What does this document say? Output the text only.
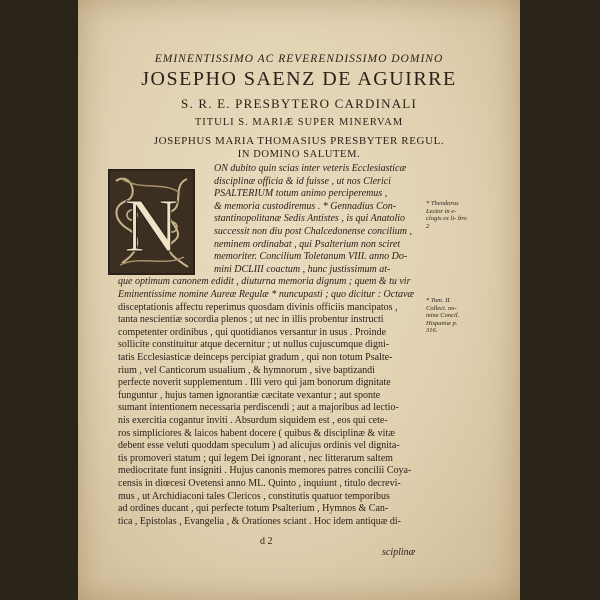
EMINENTISSIMO AC REVERENDISSIMO DOMINO
JOSEPHO SAENZ DE AGUIRRE
S. R. E. PRESBYTERO CARDINALI
TITULI S. MARIÆ SUPER MINERVAM
JOSEPHUS MARIA THOMASIUS PRESBYTER REGUL.
IN DOMINO SALUTEM.
N
ON dubito quin scias inter veteris Ecclesiasticæ
disciplinæ officia & id fuisse , ut nos Clerici
PSALTERIUM totum animo perciperemus ,
& memoria custodiremus . * Gennadius Con-
stantinopolitanæ Sedis Antistes , is qui Anatolio
successit non diu post Chalcedonense concilium ,
neminem ordinabat , qui Psalterium non sciret
memoriter. Concilium Toletanum VIII. anno Do-
mini DCLIII coactum , hunc justissimum at-
que optimum canonem edidit , diuturna memoria dignum ; quem & tu vir
Eminentissime nomine Aureæ Regulæ * nuncupasti ; quo dicitur : Octavæ
disceptationis affectu reperimus quosdam divinis officiis mancipatos ,
tanta nescientiæ socordia plenos ; ut nec in illis probentur instructi
competenter ordinibus , qui quotidianos versantur in usus . Proinde
sollicite constituitur atque decernitur ; ut nullus cujuscumque digni-
tatis Ecclesiasticæ deinceps percipiat gradum , qui non totum Psalte-
rium , vel Canticorum usualium , & hymnorum , sive baptizandi
perfecte noverit supplementum . Illi vero qui jam bonorum dignitate
funguntur , hujus tamen ignorantiæ cæcitate vexantur ; aut sponte
sumant intentionem necessaria perdiscendi ; aut a majoribus ad lectio-
nis exercitia cogantur inviti . Absurdum siquidem est , eos qui cete-
ros simpliciores & laicos habent docere ( quibus & disciplinæ & vitæ
debent esse veluti quoddam speculum ) ad alicujus ordinis vel dignita-
tis promoveri statum ; qui legem Dei ignorant , nec litterarum saltem
mediocritate funt insigniti . Hujus canonis memores patres concilii Coya-
censis in diœcesi Ovetensi anno ML. Quinto , inquiunt , titulo decrevi-
mus , ut Archidiaconi tales Clericos , constitutis quatuor temporibus
ad ordines ducant , qui perfecte totum Psalterium , Hymnos & Can-
tica , Epistolas , Evangelia , & Orationes sciant . Hoc idem antiquæ di-
* Theodorus Lector in e- clogis ex li- bro 2
* Tom. II. Collect. no- mine Concil. Hispaniæ p. 316.
d 2
sciplinæ
